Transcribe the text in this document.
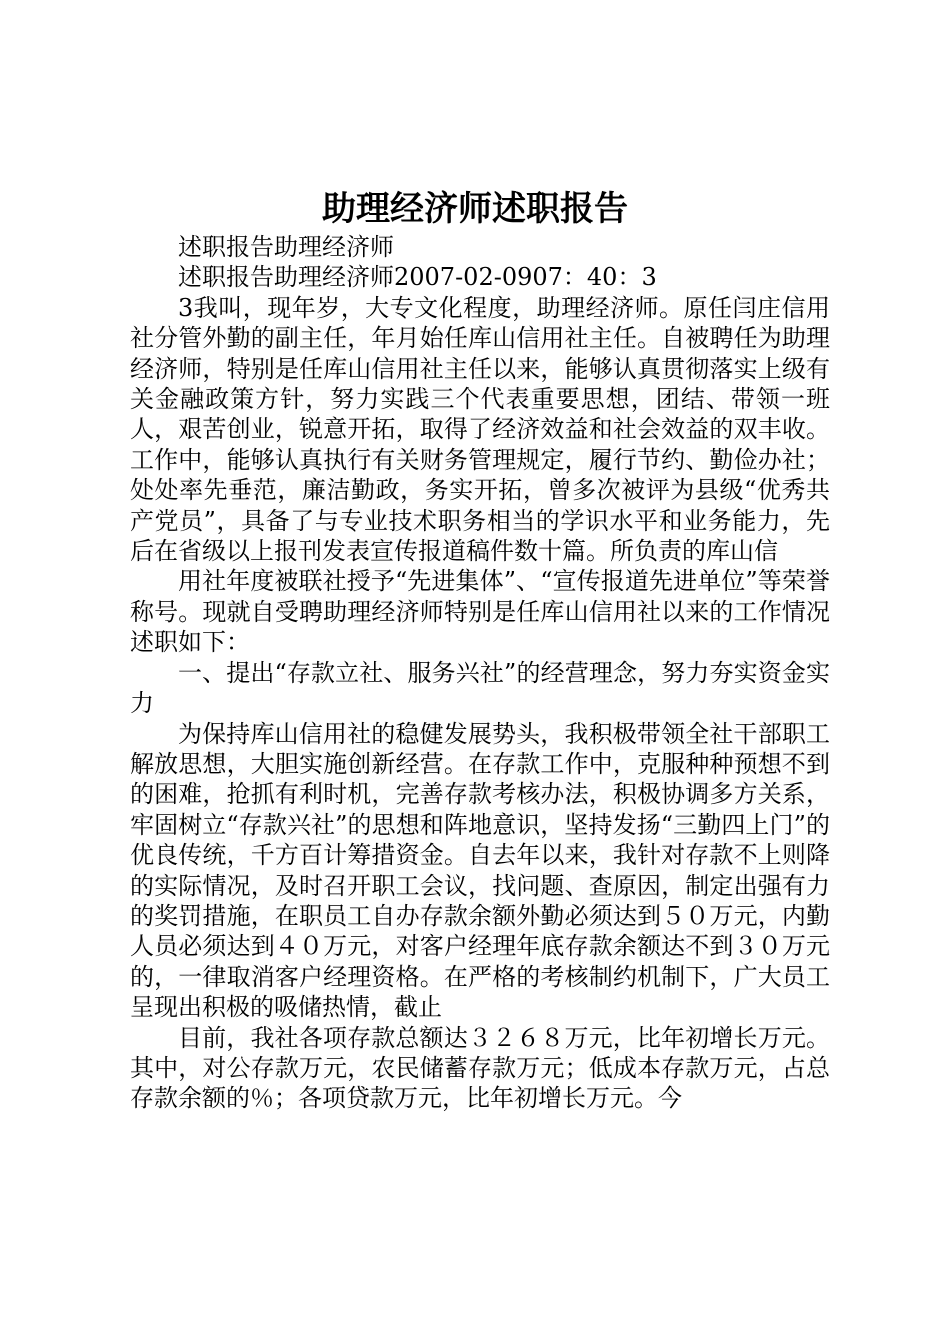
助理经济师述职报告

述职报告助理经济师

述职报告助理经济师2007-02-0907：40：3

3我叫，现年岁，大专文化程度，助理经济师。原任闫庄信用社分管外勤的副主任，年月始任库山信用社主任。自被聘任为助理经济师，特别是任库山信用社主任以来，能够认真贯彻落实上级有关金融政策方针，努力实践三个代表重要思想，团结、带领一班人，艰苦创业，锐意开拓，取得了经济效益和社会效益的双丰收。工作中，能够认真执行有关财务管理规定，履行节约、勤俭办社；处处率先垂范，廉洁勤政，务实开拓，曾多次被评为县级“优秀共产党员”，具备了与专业技术职务相当的学识水平和业务能力，先后在省级以上报刊发表宣传报道稿件数十篇。所负责的库山信

用社年度被联社授予“先进集体”、“宣传报道先进单位”等荣誉称号。现就自受聘助理经济师特别是任库山信用社以来的工作情况述职如下：

一、提出“存款立社、服务兴社”的经营理念，努力夯实资金实力

为保持库山信用社的稳健发展势头，我积极带领全社干部职工解放思想，大胆实施创新经营。在存款工作中，克服种种预想不到的困难，抢抓有利时机，完善存款考核办法，积极协调多方关系，牢固树立“存款兴社”的思想和阵地意识，坚持发扬“三勤四上门”的优良传统，千方百计筹措资金。自去年以来，我针对存款不上则降的实际情况，及时召开职工会议，找问题、查原因，制定出强有力的奖罚措施，在职员工自办存款余额外勤必须达到５０万元，内勤人员必须达到４０万元，对客户经理年底存款余额达不到３０万元的，一律取消客户经理资格。在严格的考核制约机制下，广大员工呈现出积极的吸储热情，截止

目前，我社各项存款总额达３２６８万元，比年初增长万元。其中，对公存款万元，农民储蓄存款万元；低成本存款万元，占总存款余额的％；各项贷款万元，比年初增长万元。今
